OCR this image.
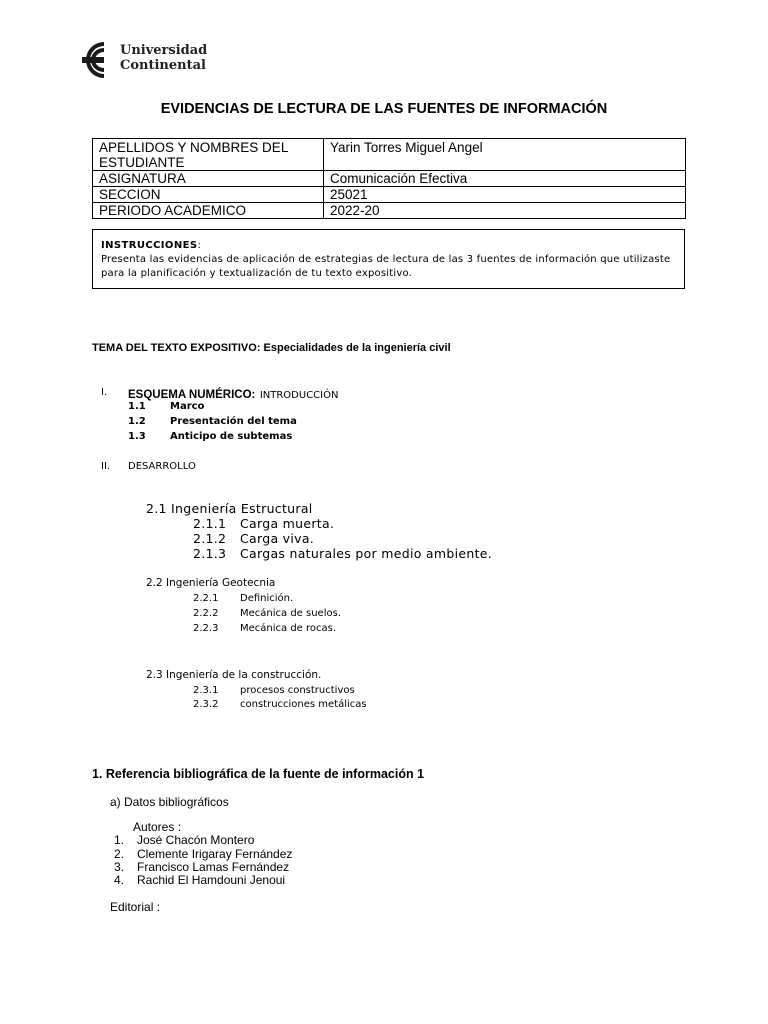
Universidad
Continental
EVIDENCIAS DE LECTURA DE LAS FUENTES DE INFORMACIÓN
APELLIDOS Y NOMBRES DEL ESTUDIANTE	Yarin Torres Miguel Angel
ASIGNATURA	Comunicación Efectiva
SECCION	25021
PERIODO ACADEMICO	2022-20
INSTRUCCIONES:
Presenta las evidencias de aplicación de estrategias de lectura de las 3 fuentes de información que utilizaste para la planificación y textualización de tu texto expositivo.
TEMA DEL TEXTO EXPOSITIVO: Especialidades de la ingeniería civil
I. ESQUEMA NUMÉRICO: INTRODUCCIÓN
1.1 Marco
1.2 Presentación del tema
1.3 Anticipo de subtemas
II. DESARROLLO
2.1 Ingeniería Estructural
2.1.1 Carga muerta.
2.1.2 Carga viva.
2.1.3 Cargas naturales por medio ambiente.
2.2 Ingeniería Geotecnia
2.2.1 Definición.
2.2.2 Mecánica de suelos.
2.2.3 Mecánica de rocas.
2.3 Ingeniería de la construcción.
2.3.1 procesos constructivos
2.3.2 construcciones metálicas
1. Referencia bibliográfica de la fuente de información 1
a) Datos bibliográficos
Autores :
1. José Chacón Montero
2. Clemente Irigaray Fernández
3. Francisco Lamas Fernández
4. Rachid El Hamdouni Jenoui
Editorial :
